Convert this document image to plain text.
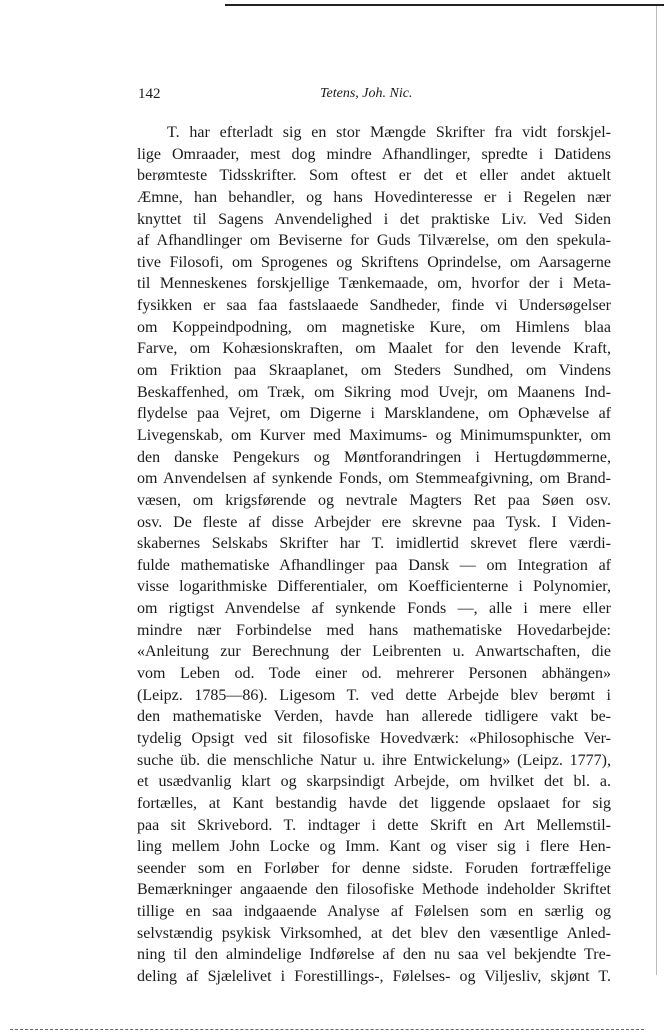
142	Tetens, Joh. Nic.
T. har efterladt sig en stor Mængde Skrifter fra vidt forskjel-
lige Omraader, mest dog mindre Afhandlinger, spredte i Datidens
berømteste Tidsskrifter. Som oftest er det et eller andet aktuelt
Æmne, han behandler, og hans Hovedinteresse er i Regelen nær
knyttet til Sagens Anvendelighed i det praktiske Liv. Ved Siden
af Afhandlinger om Beviserne for Guds Tilværelse, om den spekula-
tive Filosofi, om Sprogenes og Skriftens Oprindelse, om Aarsagerne
til Menneskenes forskjellige Tænkemaade, om, hvorfor der i Meta-
fysikken er saa faa fastslaaede Sandheder, finde vi Undersøgelser
om Koppeindpodning, om magnetiske Kure, om Himlens blaa
Farve, om Kohæsionskraften, om Maalet for den levende Kraft,
om Friktion paa Skraaplanet, om Steders Sundhed, om Vindens
Beskaffenhed, om Træk, om Sikring mod Uvejr, om Maanens Ind-
flydelse paa Vejret, om Digerne i Marsklandene, om Ophævelse af
Livegenskab, om Kurver med Maximums- og Minimumspunkter, om
den danske Pengekurs og Møntforandringen i Hertugdømmerne,
om Anvendelsen af synkende Fonds, om Stemmeafgivning, om Brand-
væsen, om krigsførende og nevtrale Magters Ret paa Søen osv.
osv. De fleste af disse Arbejder ere skrevne paa Tysk. I Viden-
skabernes Selskabs Skrifter har T. imidlertid skrevet flere værdi-
fulde mathematiske Afhandlinger paa Dansk — om Integration af
visse logarithmiske Differentialer, om Koefficienterne i Polynomier,
om rigtigst Anvendelse af synkende Fonds —, alle i mere eller
mindre nær Forbindelse med hans mathematiske Hovedarbejde:
«Anleitung zur Berechnung der Leibrenten u. Anwartschaften, die
vom Leben od. Tode einer od. mehrerer Personen abhängen»
(Leipz. 1785—86). Ligesom T. ved dette Arbejde blev berømt i
den mathematiske Verden, havde han allerede tidligere vakt be-
tydelig Opsigt ved sit filosofiske Hovedværk: «Philosophische Ver-
suche üb. die menschliche Natur u. ihre Entwickelung» (Leipz. 1777),
et usædvanlig klart og skarpsindigt Arbejde, om hvilket det bl. a.
fortælles, at Kant bestandig havde det liggende opslaaet for sig
paa sit Skrivebord. T. indtager i dette Skrift en Art Mellemstil-
ling mellem John Locke og Imm. Kant og viser sig i flere Hen-
seender som en Forløber for denne sidste. Foruden fortræffelige
Bemærkninger angaaende den filosofiske Methode indeholder Skriftet
tillige en saa indgaaende Analyse af Følelsen som en særlig og
selvstændig psykisk Virksomhed, at det blev den væsentlige Anled-
ning til den almindelige Indførelse af den nu saa vel bekjendte Tre-
deling af Sjælelivet i Forestillings-, Følelses- og Viljesliv, skjønt T.
